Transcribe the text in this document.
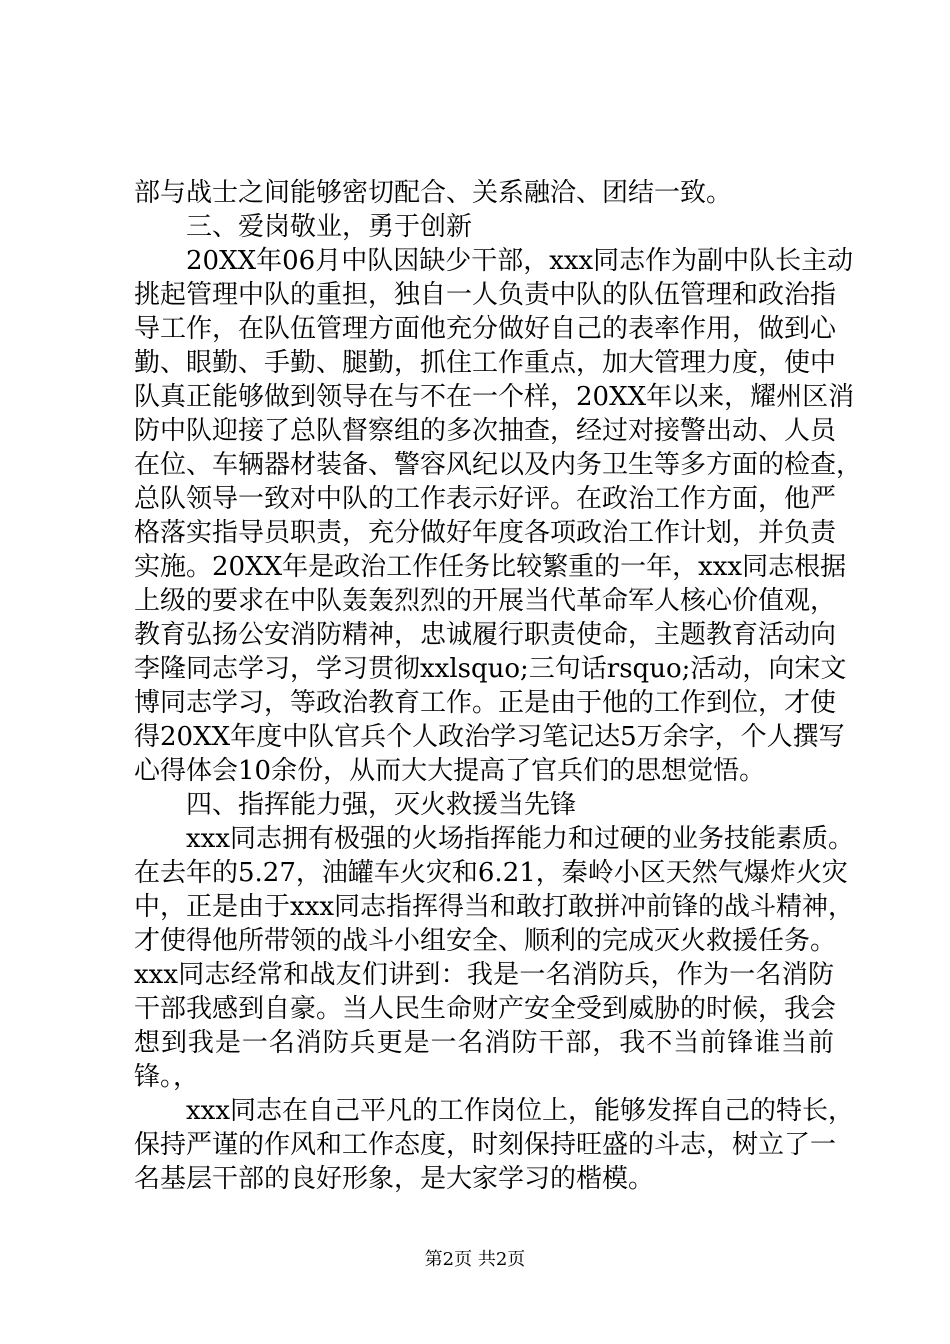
部与战士之间能够密切配合、关系融洽、团结一致。
三、爱岗敬业，勇于创新
20XX年06月中队因缺少干部，xxx同志作为副中队长主动
挑起管理中队的重担，独自一人负责中队的队伍管理和政治指
导工作，在队伍管理方面他充分做好自己的表率作用，做到心
勤、眼勤、手勤、腿勤，抓住工作重点，加大管理力度，使中
队真正能够做到领导在与不在一个样，20XX年以来，耀州区消
防中队迎接了总队督察组的多次抽查，经过对接警出动、人员
在位、车辆器材装备、警容风纪以及内务卫生等多方面的检查，
总队领导一致对中队的工作表示好评。在政治工作方面，他严
格落实指导员职责，充分做好年度各项政治工作计划，并负责
实施。20XX年是政治工作任务比较繁重的一年，xxx同志根据
上级的要求在中队轰轰烈烈的开展当代革命军人核心价值观，
教育弘扬公安消防精神，忠诚履行职责使命，主题教育活动向
李隆同志学习，学习贯彻xxlsquo;三句话rsquo;活动，向宋文
博同志学习，等政治教育工作。正是由于他的工作到位，才使
得20XX年度中队官兵个人政治学习笔记达5万余字，个人撰写
心得体会10余份，从而大大提高了官兵们的思想觉悟。
四、指挥能力强，灭火救援当先锋
xxx同志拥有极强的火场指挥能力和过硬的业务技能素质。
在去年的5.27，油罐车火灾和6.21，秦岭小区天然气爆炸火灾
中，正是由于xxx同志指挥得当和敢打敢拼冲前锋的战斗精神，
才使得他所带领的战斗小组安全、顺利的完成灭火救援任务。
xxx同志经常和战友们讲到：我是一名消防兵，作为一名消防
干部我感到自豪。当人民生命财产安全受到威胁的时候，我会
想到我是一名消防兵更是一名消防干部，我不当前锋谁当前
锋。，
xxx同志在自己平凡的工作岗位上，能够发挥自己的特长，
保持严谨的作风和工作态度，时刻保持旺盛的斗志，树立了一
名基层干部的良好形象，是大家学习的楷模。
第2页 共2页
